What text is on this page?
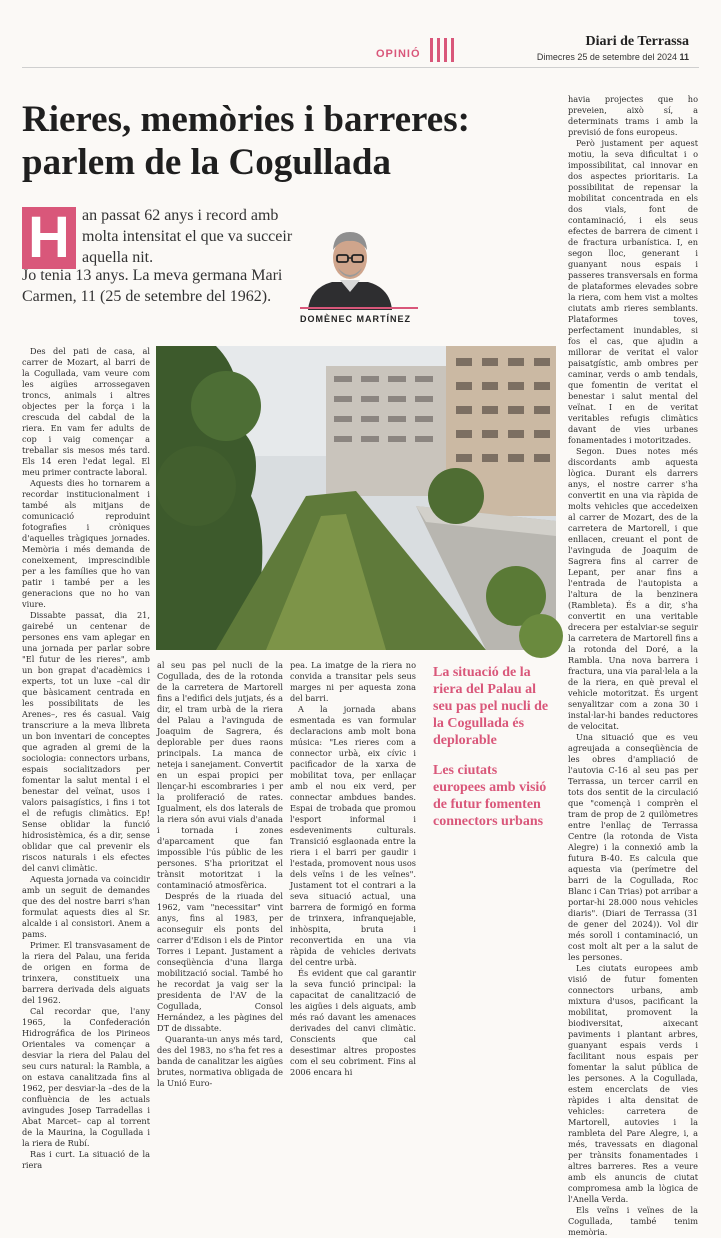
OPINIÓ
Diari de Terrassa
Dimecres 25 de setembre del 2024 11
Rieres, memòries i barreres: parlem de la Cogullada
H an passat 62 anys i record amb molta intensitat el que va succeir aquella nit.
Jo tenia 13 anys. La meva germana Mari Carmen, 11 (25 de setembre del 1962).
DOMÈNEC MARTÍNEZ

Des del pati de casa, al carrer de Mozart, al barri de la Cogullada, vam veure com les aigües arrossegaven troncs, animals i altres objectes per la força i la crescuda del cabdal de la riera. En vam fer adults de cop i vaig començar a treballar sis mesos més tard. Els 14 eren l'edat legal. El meu primer contracte laboral.

Aquests dies ho tornarem a recordar institucionalment i també als mitjans de comunicació reproduint fotografies i cròniques d'aquelles tràgiques jornades. Memòria i més demanda de coneixement, imprescindible per a les famílies que ho van patir i també per a les generacions que no ho van viure.

Dissabte passat, dia 21, gairebé un centenar de persones ens vam aplegar en una jornada per parlar sobre "El futur de les rieres", amb un bon grapat d'acadèmics i experts, tot un luxe –cal dir que bàsicament centrada en les possibilitats de les Arenes–, res és casual. Vaig transcriure a la meva llibreta un bon inventari de conceptes que agraden al gremi de la sociologia: connectors urbans, espais socialitzadors per fomentar la salut mental i el benestar del veïnat, usos i valors paisagístics, i fins i tot el de refugis climàtics. Ep! Sense oblidar la funció hidrosistèmica, és a dir, sense oblidar que cal prevenir els riscos naturals i els efectes del canvi climàtic.

Aquesta jornada va coincidir amb un seguit de demandes que des del nostre barri s'han formulat aquests dies al Sr. alcalde i al consistori. Anem a pams.

Primer. El transvasament de la riera del Palau, una ferida de origen en forma de trinxera, constitueix una barrera derivada dels aiguats del 1962.

Cal recordar que, l'any 1965, la Confederación Hidrográfica de los Pirineos Orientales va començar a desviar la riera del Palau del seu curs natural: la Rambla, a on estava canalitzada fins al 1962, per desviar-la –des de la confluència de les actuals avingudes Josep Tarradellas i Abat Marcet– cap al torrent de la Maurina, la Cogullada i la riera de Rubí.

Ras i curt. La situació de la riera

al seu pas pel nucli de la Cogullada, des de la rotonda de la carretera de Martorell fins a l'edifici dels jutjats, és a dir, el tram urbà de la riera del Palau a l'avinguda de Joaquim de Sagrera, és deplorable per dues raons principals. La manca de neteja i sanejament. Convertit en un espai propici per llençar-hi escombraries i per la proliferació de rates. Igualment, els dos laterals de la riera són avui vials d'anada i tornada i zones d'aparcament que fan impossible l'ús públic de les persones. S'ha prioritzat el trànsit motoritzat i la contaminació atmosfèrica.

Després de la riuada del 1962, vam "necessitar" vint anys, fins al 1983, per aconseguir els ponts del carrer d'Edison i els de Pintor Torres i Lepant. Justament a conseqüència d'una llarga mobilització social. També ho he recordat ja vaig ser la presidenta de l'AV de la Cogullada, Consol Hernández, a les pàgines del DT de dissabte.

Quaranta-un anys més tard, des del 1983, no s'ha fet res a banda de canalitzar les aigües brutes, normativa obligada de la Unió Euro-

pea. La imatge de la riera no convida a transitar pels seus marges ni per aquesta zona del barri.

A la jornada abans esmentada es van formular declaracions amb molt bona música: "Les rieres com a connector urbà, eix cívic i pacificador de la xarxa de mobilitat tova, per enllaçar amb el nou eix verd, per connectar ambdues bandes. Espai de trobada que promou l'esport informal i esdeveniments culturals. Transició esglaonada entre la riera i el barri per gaudir i l'estada, promovent nous usos dels veïns i de les veïnes". Justament tot el contrari a la seva situació actual, una barrera de formigó en forma de trinxera, infranquejable, inhòspita, bruta i reconvertida en una via ràpida de vehicles derivats del centre urbà.

És evident que cal garantir la seva funció principal: la capacitat de canalització de les aigües i dels aiguats, amb més raó davant les amenaces derivades del canvi climàtic. Conscients que cal desestimar altres propostes com el seu cobriment. Fins al 2006 encara hi

La situació de la riera del Palau al seu pas pel nucli de la Cogullada és deplorable
Les ciutats europees amb visió de futur fomenten connectors urbans

havia projectes que ho preveien, això sí, a determinats trams i amb la previsió de fons europeus.

Però justament per aquest motiu, la seva dificultat i o impossibilitat, cal innovar en dos aspectes prioritaris. La possibilitat de repensar la mobilitat concentrada en els dos vials, font de contaminació, i els seus efectes de barrera de ciment i de fractura urbanística. I, en segon lloc, generant i guanyant nous espais i passeres transversals en forma de plataformes elevades sobre la riera, com hem vist a moltes ciutats amb rieres semblants. Plataformes toves, perfectament inundables, si fos el cas, que ajudin a millorar de veritat el valor paisatgístic, amb ombres per caminar, verds o amb tendals, que fomentin de veritat el benestar i salut mental del veïnat. I en de veritat veritables refugis climàtics davant de vies urbanes fonamentades i motoritzades.

Segon. Dues notes més discordants amb aquesta lògica. Durant els darrers anys, el nostre carrer s'ha convertit en una via ràpida de molts vehicles que accedeixen al carrer de Mozart, des de la carretera de Martorell, i que enllacen, creuant el pont de l'avinguda de Joaquim de Sagrera fins al carrer de Lepant, per anar fins a l'entrada de l'autopista a l'altura de la benzinera (Rambleta). És a dir, s'ha convertit en una veritable drecera per estalviar-se seguir la carretera de Martorell fins a la rotonda del Doré, a la Rambla. Una nova barrera i fractura, una via paral·lela a la de la riera, en què preval el vehicle motoritzat. És urgent senyalitzar com a zona 30 i instal·lar-hi bandes reductores de velocitat.

Una situació que es veu agreujada a conseqüència de les obres d'ampliació de l'autovia C-16 al seu pas per Terrassa, un tercer carril en tots dos sentit de la circulació que "començà i comprèn el tram de prop de 2 quilòmetres entre l'enllaç de Terrassa Centre (la rotonda de Vista Alegre) i la connexió amb la futura B-40. Es calcula que aquesta via (perímetre del barri de la Cogullada, Roc Blanc i Can Trias) pot arribar a portar-hi 28.000 nous vehicles diaris". (Diari de Terrassa (31 de gener del 2024)). Vol dir més soroll i contaminació, un cost molt alt per a la salut de les persones.

Les ciutats europees amb visió de futur fomenten connectors urbans, amb mixtura d'usos, pacificant la mobilitat, promovent la biodiversitat, aixecant paviments i plantant arbres, guanyant espais verds i facilitant nous espais per fomentar la salut pública de les persones. A la Cogullada, estem encerclats de vies ràpides i alta densitat de vehicles: carretera de Martorell, autovies i la rambleta del Pare Alegre, i, a més, travessats en diagonal per trànsits fonamentades i altres barreres. Res a veure amb els anuncis de ciutat compromesa amb la lògica de l'Anella Verda.

Els veïns i veïnes de la Cogullada, també tenim memòria.
